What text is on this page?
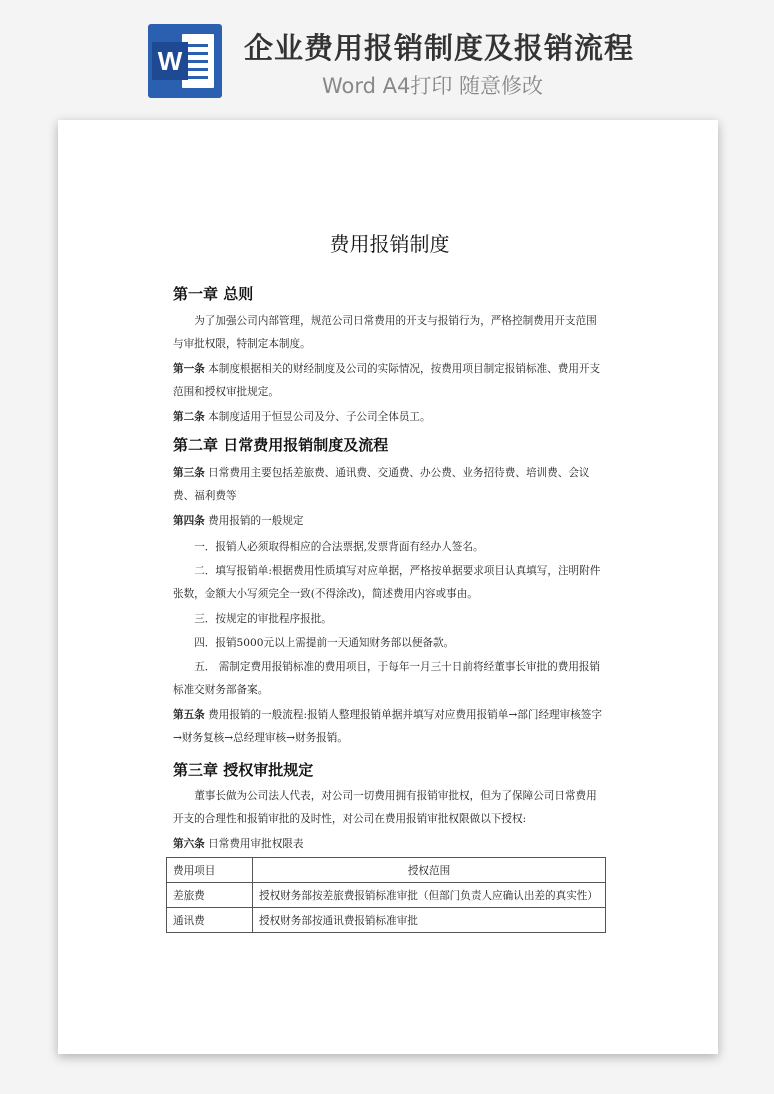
W 企业费用报销制度及报销流程
Word A4打印 随意修改
费用报销制度
第一章 总则

为了加强公司内部管理，规范公司日常费用的开支与报销行为，严格控制费用开支范围与审批权限，特制定本制度。

第一条 本制度根据相关的财经制度及公司的实际情况，按费用项目制定报销标准、费用开支范围和授权审批规定。

第二条 本制度适用于恒昱公司及分、子公司全体员工。

第二章 日常费用报销制度及流程

第三条 日常费用主要包括差旅费、通讯费、交通费、办公费、业务招待费、培训费、会议费、福利费等

第四条 费用报销的一般规定

一．报销人必须取得相应的合法票据,发票背面有经办人签名。

二．填写报销单:根据费用性质填写对应单据，严格按单据要求项目认真填写，注明附件张数，金额大小写须完全一致(不得涂改)，简述费用内容或事由。

三．按规定的审批程序报批。

四．报销5000元以上需提前一天通知财务部以便备款。

五． 需制定费用报销标准的费用项目，于每年一月三十日前将经董事长审批的费用报销标准交财务部备案。

第五条 费用报销的一般流程:报销人整理报销单据并填写对应费用报销单→部门经理审核签字→财务复核→总经理审核→财务报销。

第三章 授权审批规定

董事长做为公司法人代表，对公司一切费用拥有报销审批权，但为了保障公司日常费用开支的合理性和报销审批的及时性，对公司在费用报销审批权限做以下授权:

第六条 日常费用审批权限表

费用项目	授权范围
差旅费	授权财务部按差旅费报销标准审批（但部门负责人应确认出差的真实性）
通讯费	授权财务部按通讯费报销标准审批
